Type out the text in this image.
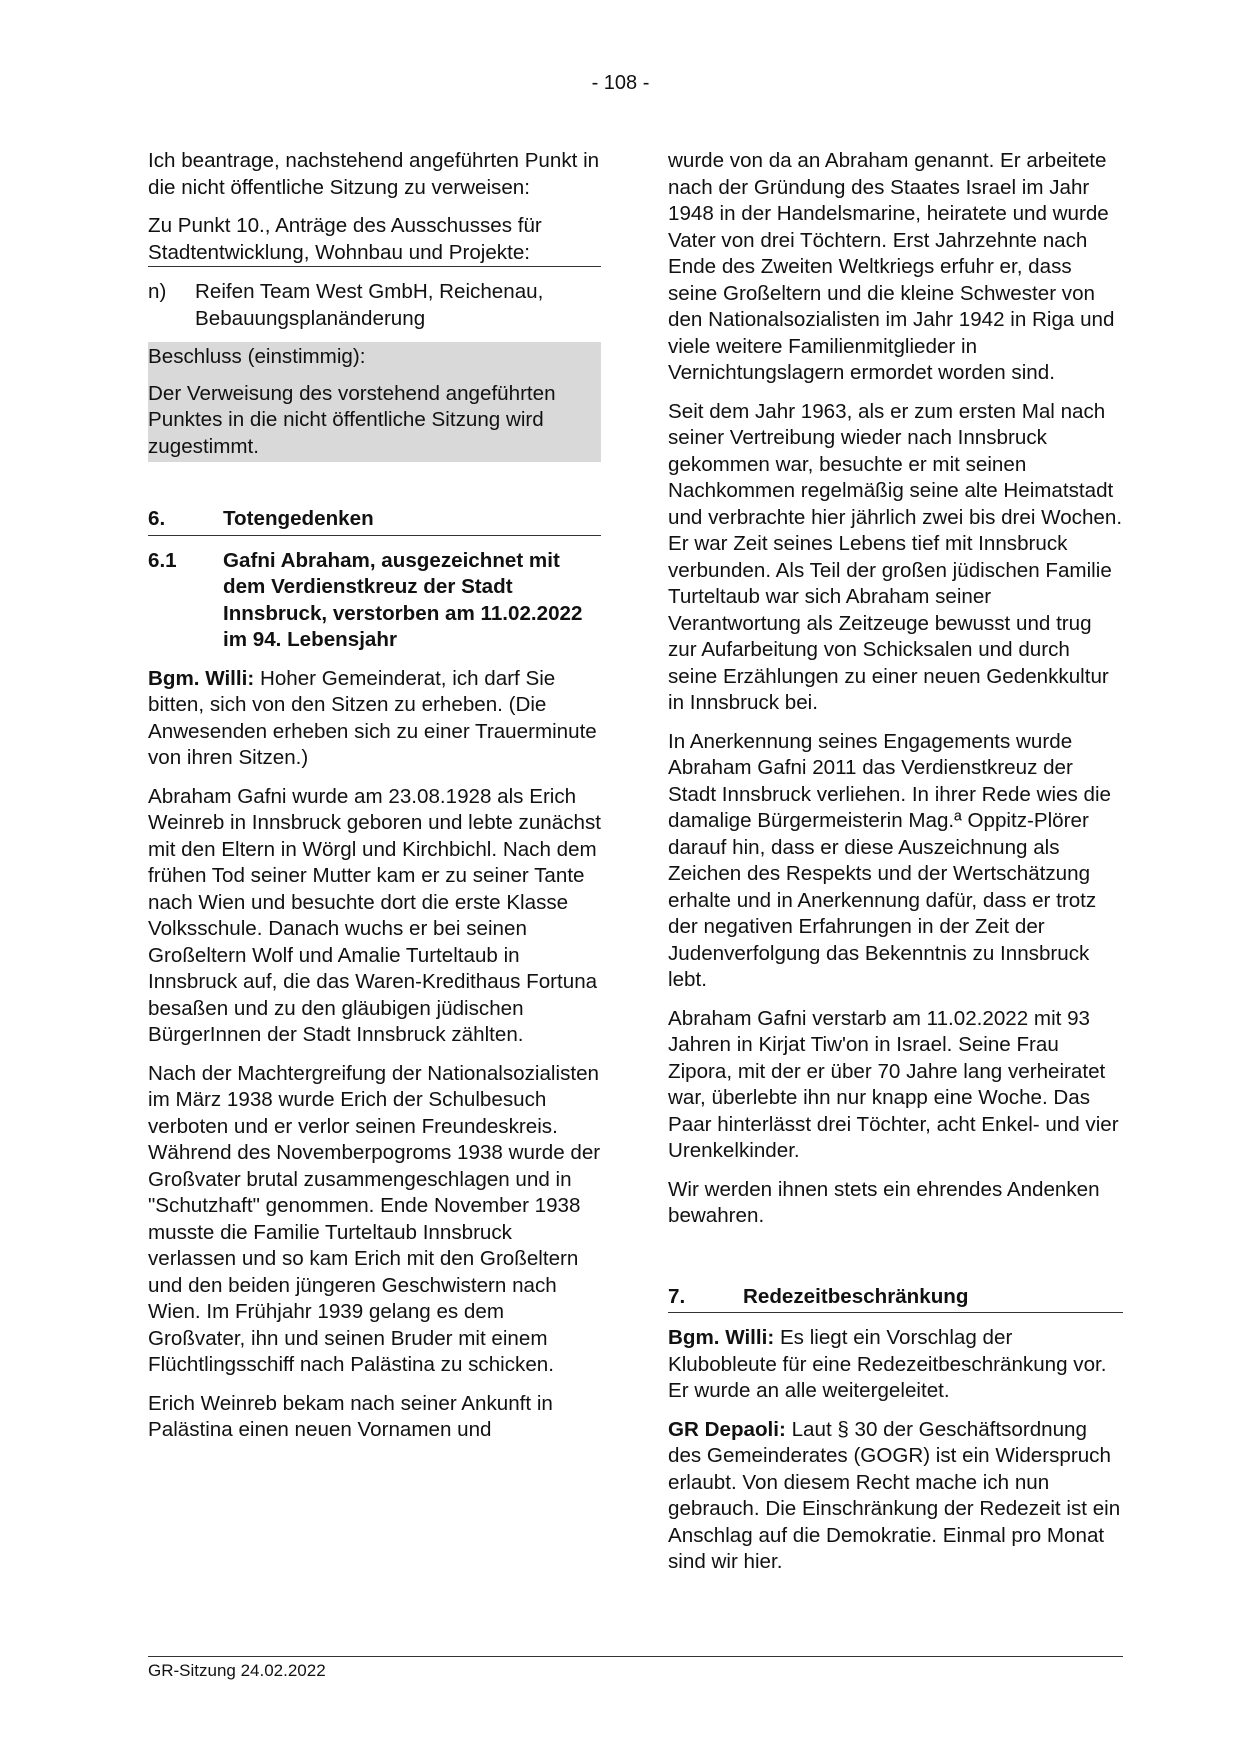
- 108 -

Ich beantrage, nachstehend angeführten Punkt in die nicht öffentliche Sitzung zu verweisen:

Zu Punkt 10., Anträge des Ausschusses für Stadtentwicklung, Wohnbau und Projekte:

n)	Reifen Team West GmbH, Reichenau, Bebauungsplanänderung

Beschluss (einstimmig):

Der Verweisung des vorstehend angeführten Punktes in die nicht öffentliche Sitzung wird zugestimmt.

6.	Totengedenken
6.1	Gafni Abraham, ausgezeichnet mit dem Verdienstkreuz der Stadt Innsbruck, verstorben am 11.02.2022 im 94. Lebensjahr

Bgm. Willi: Hoher Gemeinderat, ich darf Sie bitten, sich von den Sitzen zu erheben. (Die Anwesenden erheben sich zu einer Trauerminute von ihren Sitzen.)

Abraham Gafni wurde am 23.08.1928 als Erich Weinreb in Innsbruck geboren und lebte zunächst mit den Eltern in Wörgl und Kirchbichl. Nach dem frühen Tod seiner Mutter kam er zu seiner Tante nach Wien und besuchte dort die erste Klasse Volksschule. Danach wuchs er bei seinen Großeltern Wolf und Amalie Turteltaub in Innsbruck auf, die das Waren-Kredithaus Fortuna besaßen und zu den gläubigen jüdischen BürgerInnen der Stadt Innsbruck zählten.

Nach der Machtergreifung der Nationalsozialisten im März 1938 wurde Erich der Schulbesuch verboten und er verlor seinen Freundeskreis. Während des Novemberpogroms 1938 wurde der Großvater brutal zusammengeschlagen und in "Schutzhaft" genommen. Ende November 1938 musste die Familie Turteltaub Innsbruck verlassen und so kam Erich mit den Großeltern und den beiden jüngeren Geschwistern nach Wien. Im Frühjahr 1939 gelang es dem Großvater, ihn und seinen Bruder mit einem Flüchtlingsschiff nach Palästina zu schicken.

Erich Weinreb bekam nach seiner Ankunft in Palästina einen neuen Vornamen und

wurde von da an Abraham genannt. Er arbeitete nach der Gründung des Staates Israel im Jahr 1948 in der Handelsmarine, heiratete und wurde Vater von drei Töchtern. Erst Jahrzehnte nach Ende des Zweiten Weltkriegs erfuhr er, dass seine Großeltern und die kleine Schwester von den Nationalsozialisten im Jahr 1942 in Riga und viele weitere Familienmitglieder in Vernichtungslagern ermordet worden sind.

Seit dem Jahr 1963, als er zum ersten Mal nach seiner Vertreibung wieder nach Innsbruck gekommen war, besuchte er mit seinen Nachkommen regelmäßig seine alte Heimatstadt und verbrachte hier jährlich zwei bis drei Wochen. Er war Zeit seines Lebens tief mit Innsbruck verbunden. Als Teil der großen jüdischen Familie Turteltaub war sich Abraham seiner Verantwortung als Zeitzeuge bewusst und trug zur Aufarbeitung von Schicksalen und durch seine Erzählungen zu einer neuen Gedenkkultur in Innsbruck bei.

In Anerkennung seines Engagements wurde Abraham Gafni 2011 das Verdienstkreuz der Stadt Innsbruck verliehen. In ihrer Rede wies die damalige Bürgermeisterin Mag.ª Oppitz-Plörer darauf hin, dass er diese Auszeichnung als Zeichen des Respekts und der Wertschätzung erhalte und in Anerkennung dafür, dass er trotz der negativen Erfahrungen in der Zeit der Judenverfolgung das Bekenntnis zu Innsbruck lebt.

Abraham Gafni verstarb am 11.02.2022 mit 93 Jahren in Kirjat Tiw'on in Israel. Seine Frau Zipora, mit der er über 70 Jahre lang verheiratet war, überlebte ihn nur knapp eine Woche. Das Paar hinterlässt drei Töchter, acht Enkel- und vier Urenkelkinder.

Wir werden ihnen stets ein ehrendes Andenken bewahren.

7.	Redezeitbeschränkung

Bgm. Willi: Es liegt ein Vorschlag der Klubobleute für eine Redezeitbeschränkung vor. Er wurde an alle weitergeleitet.

GR Depaoli: Laut § 30 der Geschäftsordnung des Gemeinderates (GOGR) ist ein Widerspruch erlaubt. Von diesem Recht mache ich nun gebrauch. Die Einschränkung der Redezeit ist ein Anschlag auf die Demokratie. Einmal pro Monat sind wir hier.

GR-Sitzung 24.02.2022
